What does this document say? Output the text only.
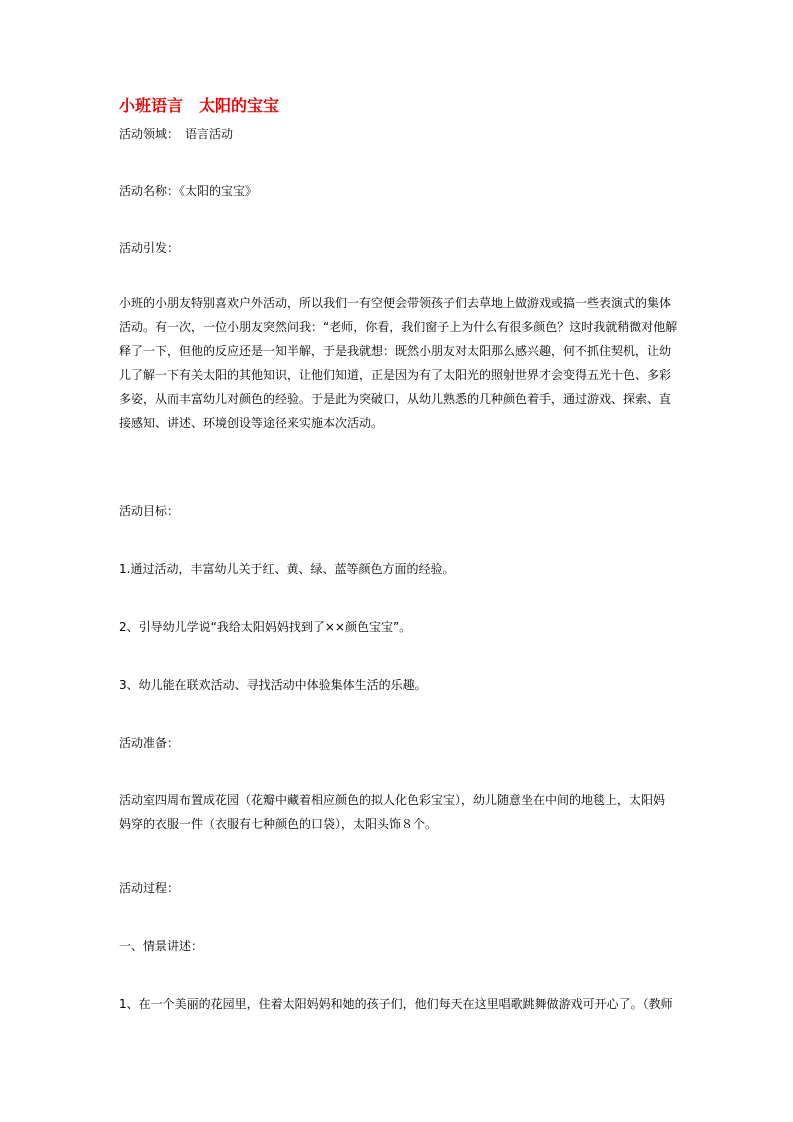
小班语言　太阳的宝宝
活动领域：　语言活动
活动名称：《太阳的宝宝》
活动引发：
小班的小朋友特别喜欢户外活动，所以我们一有空便会带领孩子们去草地上做游戏或搞一些表演式的集体
活动。有一次，一位小朋友突然问我：“老师，你看，我们窗子上为什么有很多颜色？这时我就稍微对他解
释了一下，但他的反应还是一知半解，于是我就想：既然小朋友对太阳那么感兴趣，何不抓住契机，让幼
儿了解一下有关太阳的其他知识，让他们知道，正是因为有了太阳光的照射世界才会变得五光十色、多彩
多姿，从而丰富幼儿对颜色的经验。于是此为突破口，从幼儿熟悉的几种颜色着手，通过游戏、探索、直
接感知、讲述、环境创设等途径来实施本次活动。
活动目标：
1.通过活动，丰富幼儿关于红、黄、绿、蓝等颜色方面的经验。
2、引导幼儿学说“我给太阳妈妈找到了××颜色宝宝”。
3、幼儿能在联欢活动、寻找活动中体验集体生活的乐趣。
活动准备：
活动室四周布置成花园（花瓣中藏着相应颜色的拟人化色彩宝宝），幼儿随意坐在中间的地毯上，太阳妈
妈穿的衣服一件（衣服有七种颜色的口袋），太阳头饰８个。
活动过程：
一、情景讲述：
1、在一个美丽的花园里，住着太阳妈妈和她的孩子们，他们每天在这里唱歌跳舞做游戏可开心了。（教师
